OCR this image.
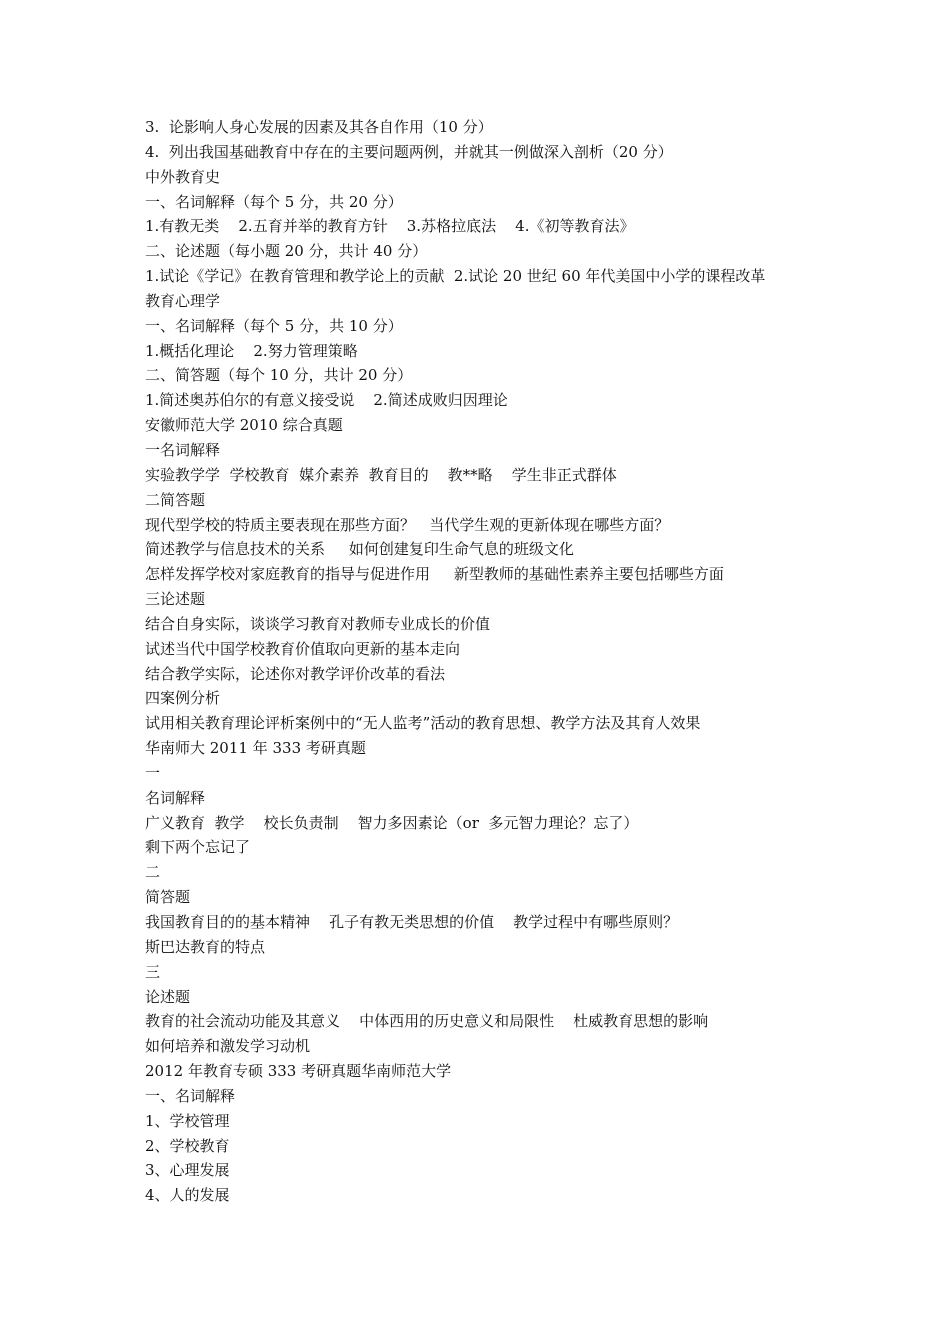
3.  论影响人身心发展的因素及其各自作用（10 分）
4.  列出我国基础教育中存在的主要问题两例，并就其一例做深入剖析（20 分）
中外教育史
一、名词解释（每个 5 分，共 20 分）
1.有教无类    2.五育并举的教育方针    3.苏格拉底法    4.《初等教育法》
二、论述题（每小题 20 分，共计 40 分）
1.试论《学记》在教育管理和教学论上的贡献  2.试论 20 世纪 60 年代美国中小学的课程改革
教育心理学
一、名词解释（每个 5 分，共 10 分）
1.概括化理论    2.努力管理策略
二、简答题（每个 10 分，共计 20 分）
1.简述奥苏伯尔的有意义接受说    2.简述成败归因理论
安徽师范大学 2010 综合真题
一名词解释
实验教学学  学校教育  媒介素养  教育目的    教**略    学生非正式群体
二简答题
现代型学校的特质主要表现在那些方面？   当代学生观的更新体现在哪些方面？
简述教学与信息技术的关系     如何创建复印生命气息的班级文化
怎样发挥学校对家庭教育的指导与促进作用     新型教师的基础性素养主要包括哪些方面
三论述题
结合自身实际，谈谈学习教育对教师专业成长的价值
试述当代中国学校教育价值取向更新的基本走向
结合教学实际，论述你对教学评价改革的看法
四案例分析
试用相关教育理论评析案例中的“无人监考”活动的教育思想、教学方法及其育人效果
华南师大 2011 年 333 考研真题
一
名词解释
广义教育  教学    校长负责制    智力多因素论（or  多元智力理论？忘了）
剩下两个忘记了
二
简答题
我国教育目的的基本精神    孔子有教无类思想的价值    教学过程中有哪些原则？
斯巴达教育的特点
三
论述题
教育的社会流动功能及其意义    中体西用的历史意义和局限性    杜威教育思想的影响
如何培养和激发学习动机
2012 年教育专硕 333 考研真题华南师范大学
一、名词解释
1、学校管理
2、学校教育
3、心理发展
4、人的发展
